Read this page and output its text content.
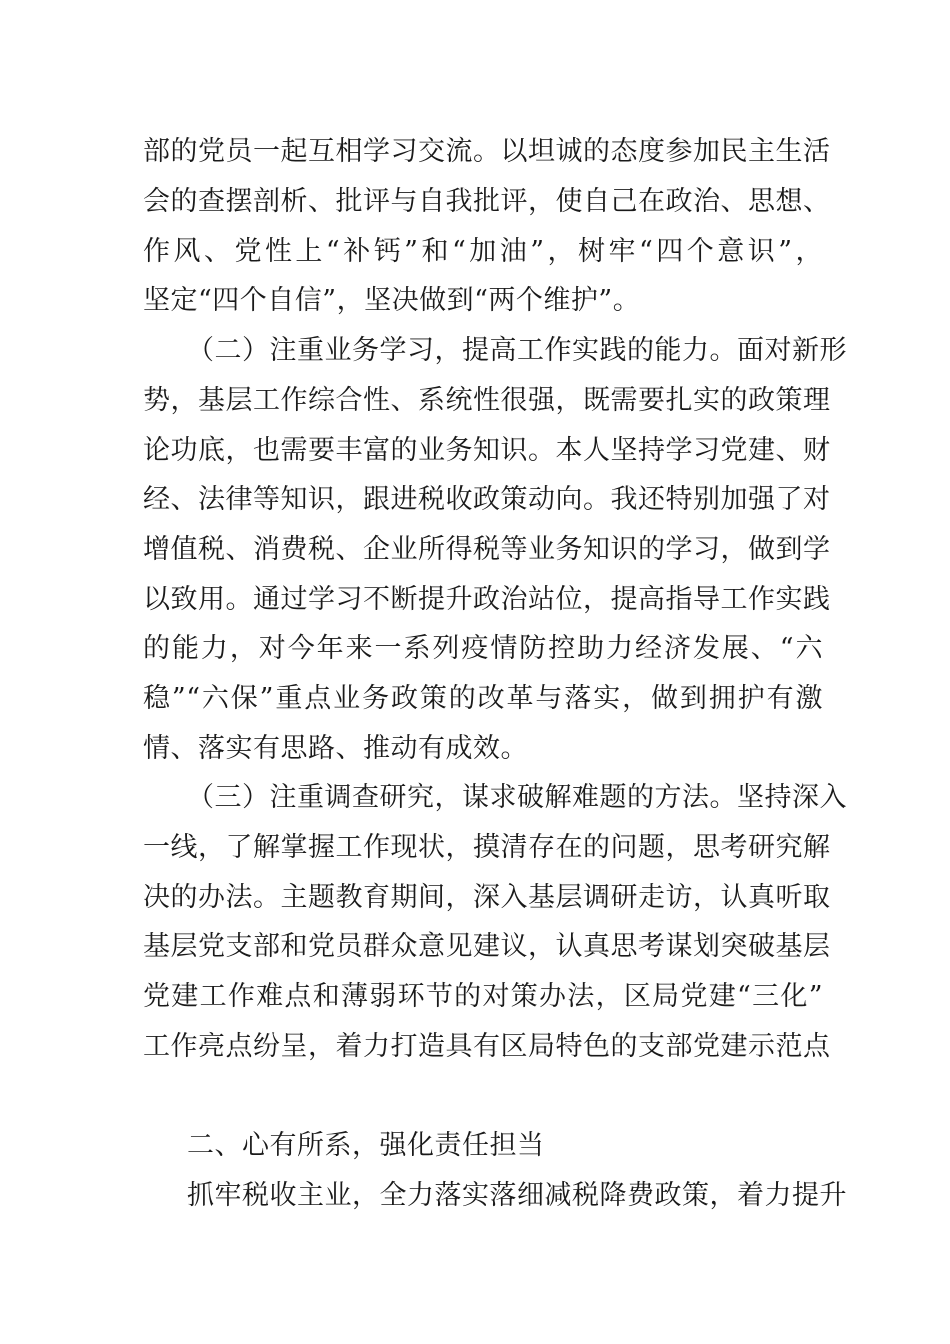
部的党员一起互相学习交流。以坦诚的态度参加民主生活
会的查摆剖析、批评与自我批评，使自己在政治、思想、
作风、党性上“补钙”和“加油”，树牢“四个意识”，
坚定“四个自信”，坚决做到“两个维护”。
（二）注重业务学习，提高工作实践的能力。面对新形
势，基层工作综合性、系统性很强，既需要扎实的政策理
论功底，也需要丰富的业务知识。本人坚持学习党建、财
经、法律等知识，跟进税收政策动向。我还特别加强了对
增值税、消费税、企业所得税等业务知识的学习，做到学
以致用。通过学习不断提升政治站位，提高指导工作实践
的能力，对今年来一系列疫情防控助力经济发展、“六
稳”“六保”重点业务政策的改革与落实，做到拥护有激
情、落实有思路、推动有成效。
（三）注重调查研究，谋求破解难题的方法。坚持深入
一线，了解掌握工作现状，摸清存在的问题，思考研究解
决的办法。主题教育期间，深入基层调研走访，认真听取
基层党支部和党员群众意见建议，认真思考谋划突破基层
党建工作难点和薄弱环节的对策办法，区局党建“三化”
工作亮点纷呈，着力打造具有区局特色的支部党建示范点
二、心有所系，强化责任担当
抓牢税收主业，全力落实落细减税降费政策，着力提升
